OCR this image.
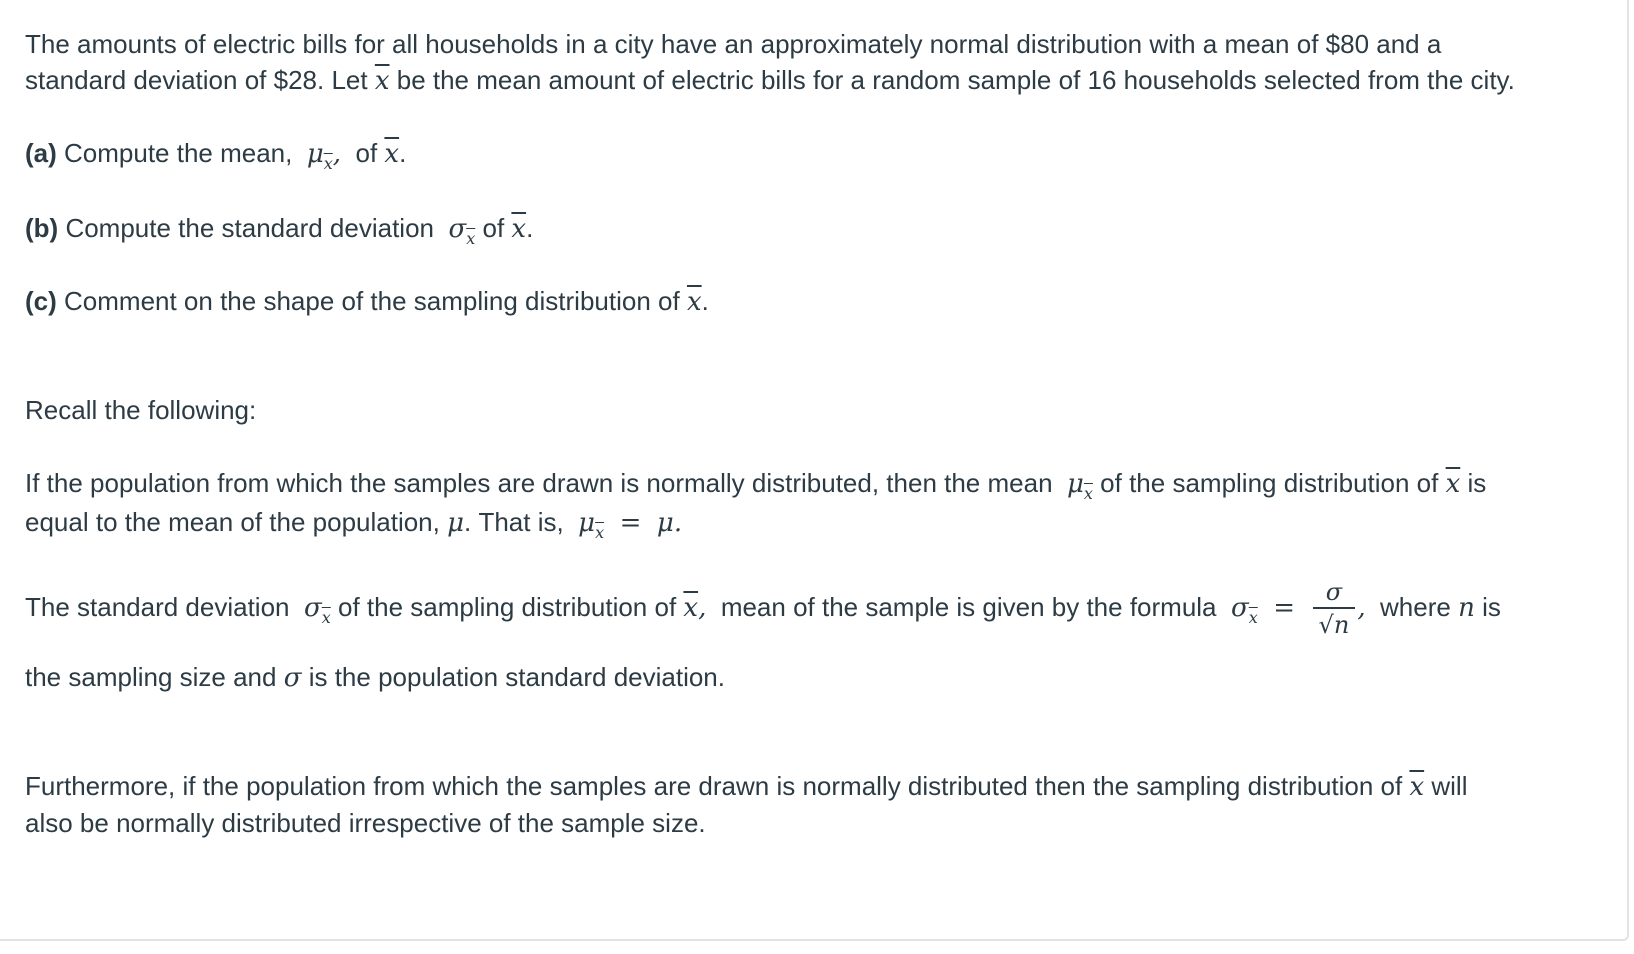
The amounts of electric bills for all households in a city have an approximately normal distribution with a mean of $80 and a

standard deviation of $28. Let $\overline{x}$ be the mean amount of electric bills for a random sample of 16 households selected from the city.

(a) Compute the mean, $\mu_{\overline{x}}$, of $\overline{x}$.

(b) Compute the standard deviation $\sigma_{\overline{x}}$ of $\overline{x}$.

(c) Comment on the shape of the sampling distribution of $\overline{x}$.

Recall the following:

If the population from which the samples are drawn is normally distributed, then the mean $\mu_{\overline{x}}$ of the sampling distribution of $\overline{x}$ is

equal to the mean of the population, μ. That is, $\mu_{\overline{x}} = \mu$.

The standard deviation $\sigma_{\overline{x}}$ of the sampling distribution of $\overline{x}$, mean of the sample is given by the formula $\sigma_{\overline{x}} = \frac{\sigma}{√n}$ , where n is

the sampling size and σ is the population standard deviation.

Furthermore, if the population from which the samples are drawn is normally distributed then the sampling distribution of $\overline{x}$ will

also be normally distributed irrespective of the sample size.
